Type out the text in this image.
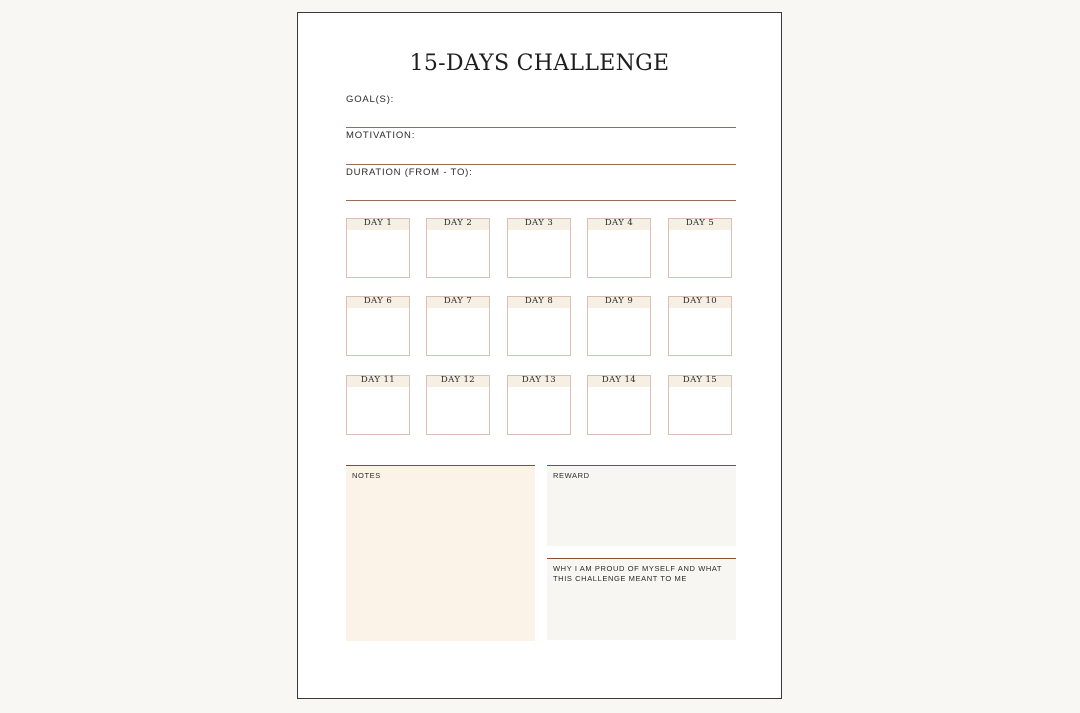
15-DAYS CHALLENGE
GOAL(S):
MOTIVATION:
DURATION (FROM - TO):
DAY 1	DAY 2	DAY 3	DAY 4	DAY 5
DAY 6	DAY 7	DAY 8	DAY 9	DAY 10
DAY 11	DAY 12	DAY 13	DAY 14	DAY 15
NOTES	REWARD
WHY I AM PROUD OF MYSELF AND WHAT THIS CHALLENGE MEANT TO ME
